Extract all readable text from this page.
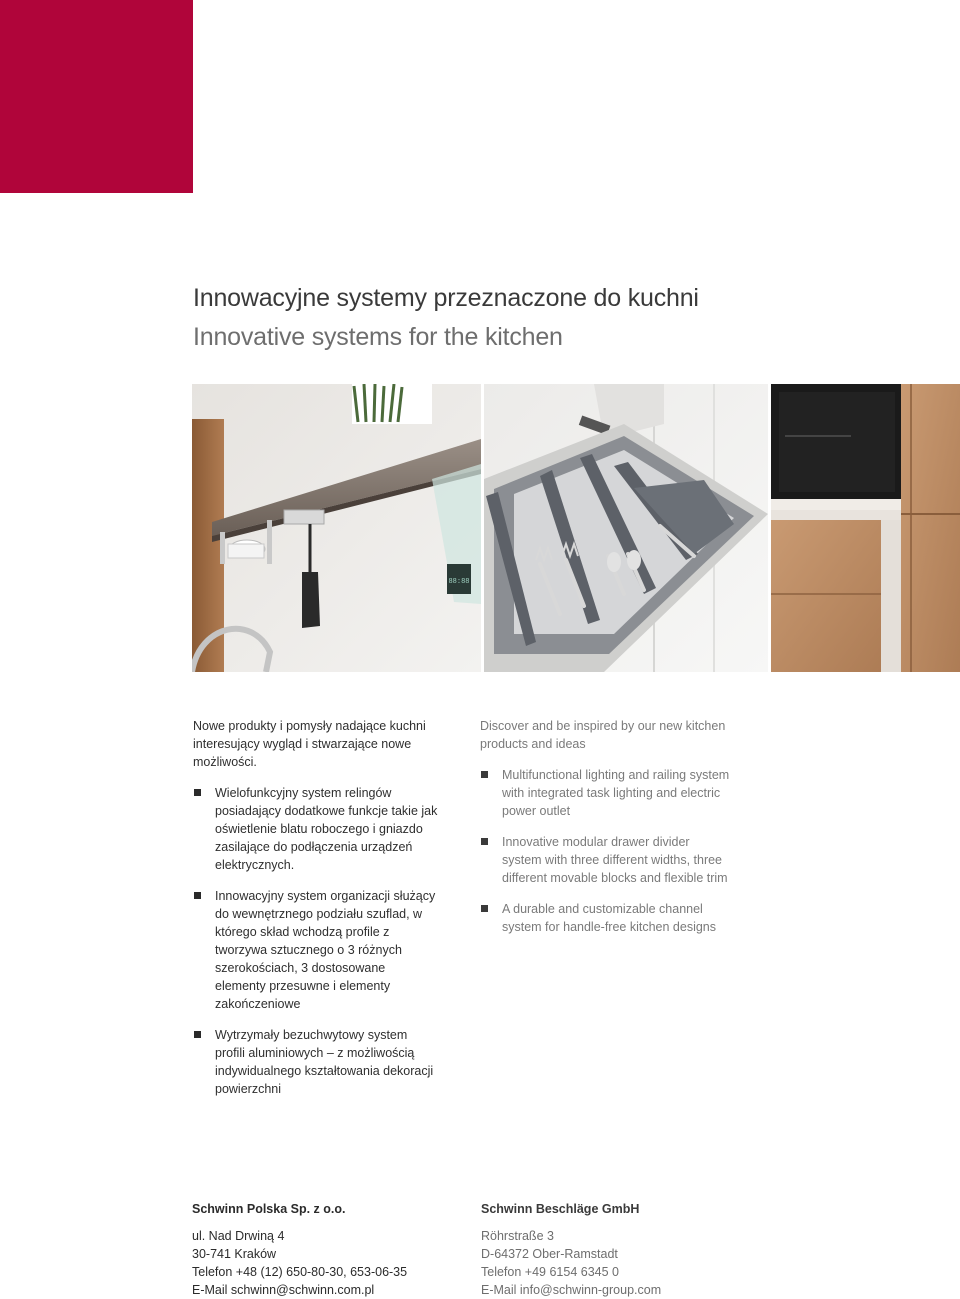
Innowacyjne systemy przeznaczone do kuchni
Innovative systems for the kitchen
88:88

Nowe produkty i pomysły nadające kuchni interesujący wygląd i stwarzające nowe możliwości.

Wielofunkcyjny system relingów posiadający dodatkowe funkcje takie jak oświetlenie blatu roboczego i gniazdo zasilające do podłączenia urządzeń elektrycznych.
Innowacyjny system organizacji służący do wewnętrznego podziału szuflad, w którego skład wchodzą profile z tworzywa sztucznego o 3 różnych szerokościach, 3 dostosowane elementy przesuwne i elementy zakończeniowe
Wytrzymały bezuchwytowy system profili aluminiowych – z możliwością indywidualnego kształtowania dekoracji powierzchni

Discover and be inspired by our new kitchen products and ideas

Multifunctional lighting and railing system with integrated task lighting and electric power outlet
Innovative modular drawer divider system with three different widths, three different movable blocks and flexible trim
A durable and customizable channel system for handle-free kitchen designs

Schwinn Polska Sp. z o.o.

ul. Nad Drwiną 4
30-741 Kraków
Telefon +48 (12) 650-80-30, 653-06-35
E-Mail schwinn@schwinn.com.pl

Schwinn Beschläge GmbH

Röhrstraße 3
D-64372 Ober-Ramstadt
Telefon +49 6154 6345 0
E-Mail info@schwinn-group.com
